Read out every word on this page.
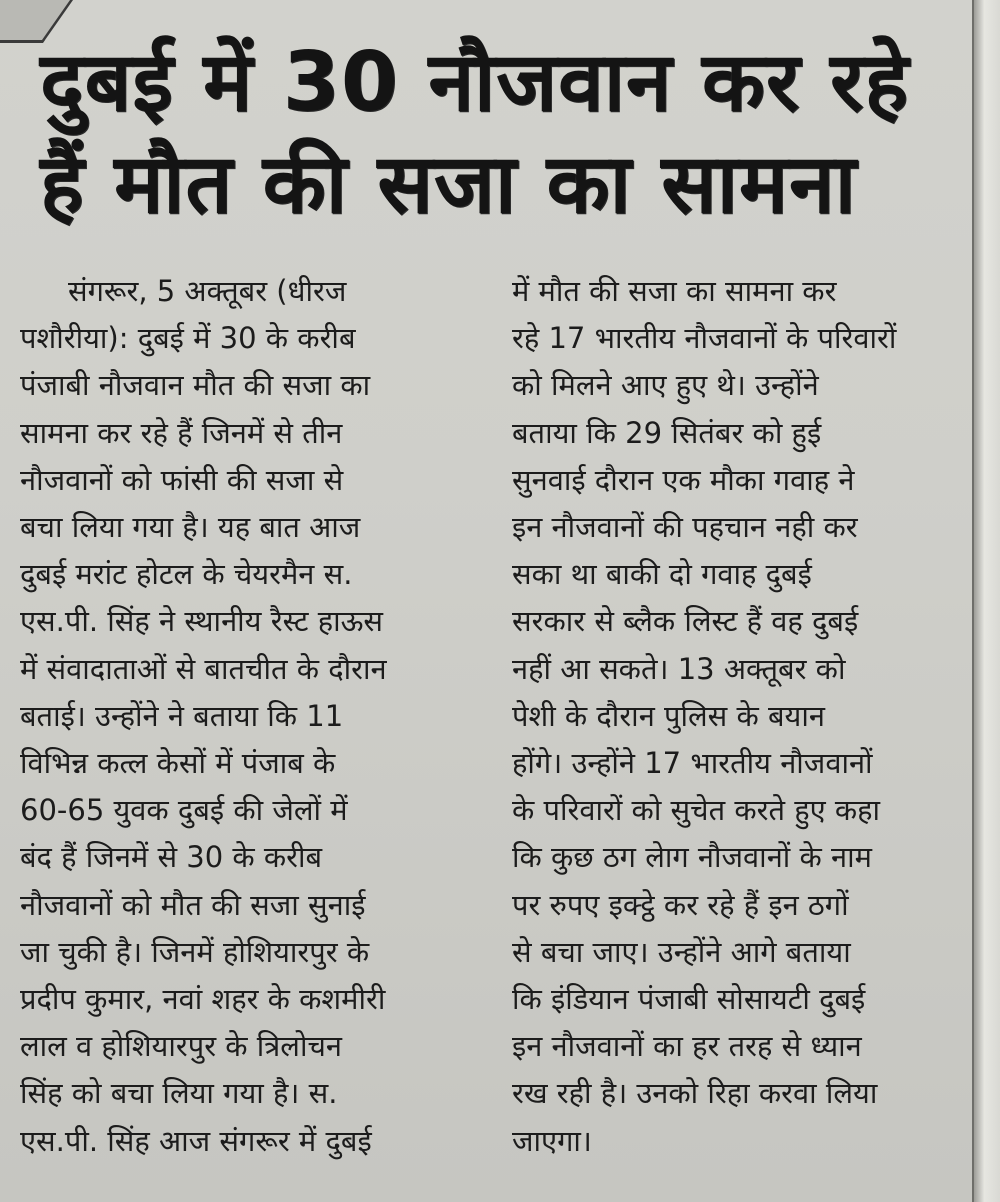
दुबई में 30 नौजवान कर रहे
हैं मौत की सजा का सामना
संगरूर, 5 अक्तूबर (धीरज
पशौरीया): दुबई में 30 के करीब
पंजाबी नौजवान मौत की सजा का
सामना कर रहे हैं जिनमें से तीन
नौजवानों को फांसी की सजा से
बचा लिया गया है। यह बात आज
दुबई मरांट होटल के चेयरमैन स.
एस.पी. सिंह ने स्थानीय रैस्ट हाऊस
में संवादाताओं से बातचीत के दौरान
बताई। उन्होंने ने बताया कि 11
विभिन्न कत्ल केसों में पंजाब के
60-65 युवक दुबई की जेलों में
बंद हैं जिनमें से 30 के करीब
नौजवानों को मौत की सजा सुनाई
जा चुकी है। जिनमें होशियारपुर के
प्रदीप कुमार, नवां शहर के कशमीरी
लाल व होशियारपुर के त्रिलोचन
सिंह को बचा लिया गया है। स.
एस.पी. सिंह आज संगरूर में दुबई
में मौत की सजा का सामना कर
रहे 17 भारतीय नौजवानों के परिवारों
को मिलने आए हुए थे। उन्होंने
बताया कि 29 सितंबर को हुई
सुनवाई दौरान एक मौका गवाह ने
इन नौजवानों की पहचान नही कर
सका था बाकी दो गवाह दुबई
सरकार से ब्लैक लिस्ट हैं वह दुबई
नहीं आ सकते। 13 अक्तूबर को
पेशी के दौरान पुलिस के बयान
होंगे। उन्होंने 17 भारतीय नौजवानों
के परिवारों को सुचेत करते हुए कहा
कि कुछ ठग लेाग नौजवानों के नाम
पर रुपए इक्ट्ठे कर रहे हैं इन ठगों
से बचा जाए। उन्होंने आगे बताया
कि इंडियान पंजाबी सोसायटी दुबई
इन नौजवानों का हर तरह से ध्यान
रख रही है। उनको रिहा करवा लिया
जाएगा।
